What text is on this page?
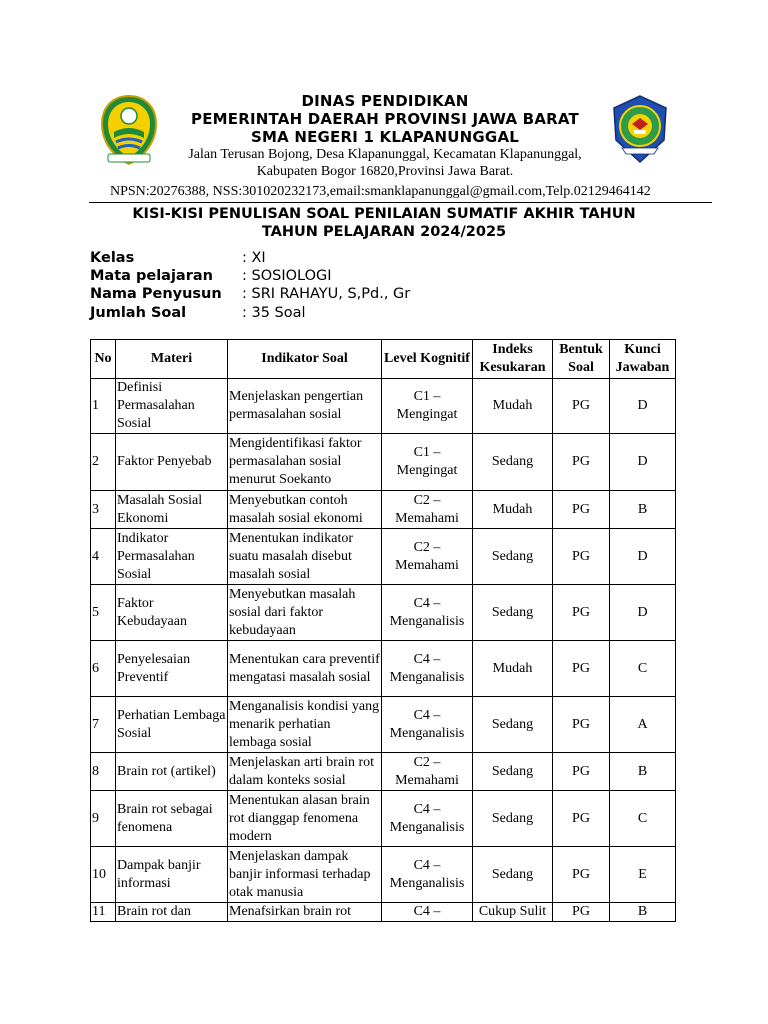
DINAS PENDIDIKAN
PEMERINTAH DAERAH PROVINSI JAWA BARAT
SMA NEGERI 1 KLAPANUNGGAL
Jalan Terusan Bojong, Desa Klapanunggal, Kecamatan Klapanunggal,
Kabupaten Bogor 16820,Provinsi Jawa Barat.
NPSN:20276388, NSS:301020232173,email:smanklapanunggal@gmail.com,Telp.02129464142
KISI-KISI PENULISAN SOAL PENILAIAN SUMATIF AKHIR TAHUN
TAHUN PELAJARAN 2024/2025
Kelas	: XI
Mata pelajaran	: SOSIOLOGI
Nama Penyusun	: SRI RAHAYU, S,Pd., Gr
Jumlah Soal	: 35 Soal
No	Materi	Indikator Soal	Level Kognitif	Indeks Kesukaran	Bentuk Soal	Kunci Jawaban
1	Definisi Permasalahan Sosial	Menjelaskan pengertian permasalahan sosial	C1 – Mengingat	Mudah	PG	D
2	Faktor Penyebab	Mengidentifikasi faktor permasalahan sosial menurut Soekanto	C1 – Mengingat	Sedang	PG	D
3	Masalah Sosial Ekonomi	Menyebutkan contoh masalah sosial ekonomi	C2 – Memahami	Mudah	PG	B
4	Indikator Permasalahan Sosial	Menentukan indikator suatu masalah disebut masalah sosial	C2 – Memahami	Sedang	PG	D
5	Faktor Kebudayaan	Menyebutkan masalah sosial dari faktor kebudayaan	C4 – Menganalisis	Sedang	PG	D
6	Penyelesaian Preventif	Menentukan cara preventif mengatasi masalah sosial	C4 – Menganalisis	Mudah	PG	C
7	Perhatian Lembaga Sosial	Menganalisis kondisi yang menarik perhatian lembaga sosial	C4 – Menganalisis	Sedang	PG	A
8	Brain rot (artikel)	Menjelaskan arti brain rot dalam konteks sosial	C2 – Memahami	Sedang	PG	B
9	Brain rot sebagai fenomena	Menentukan alasan brain rot dianggap fenomena modern	C4 – Menganalisis	Sedang	PG	C
10	Dampak banjir informasi	Menjelaskan dampak banjir informasi terhadap otak manusia	C4 – Menganalisis	Sedang	PG	E
11	Brain rot dan	Menafsirkan brain rot	C4 –	Cukup Sulit	PG	B
